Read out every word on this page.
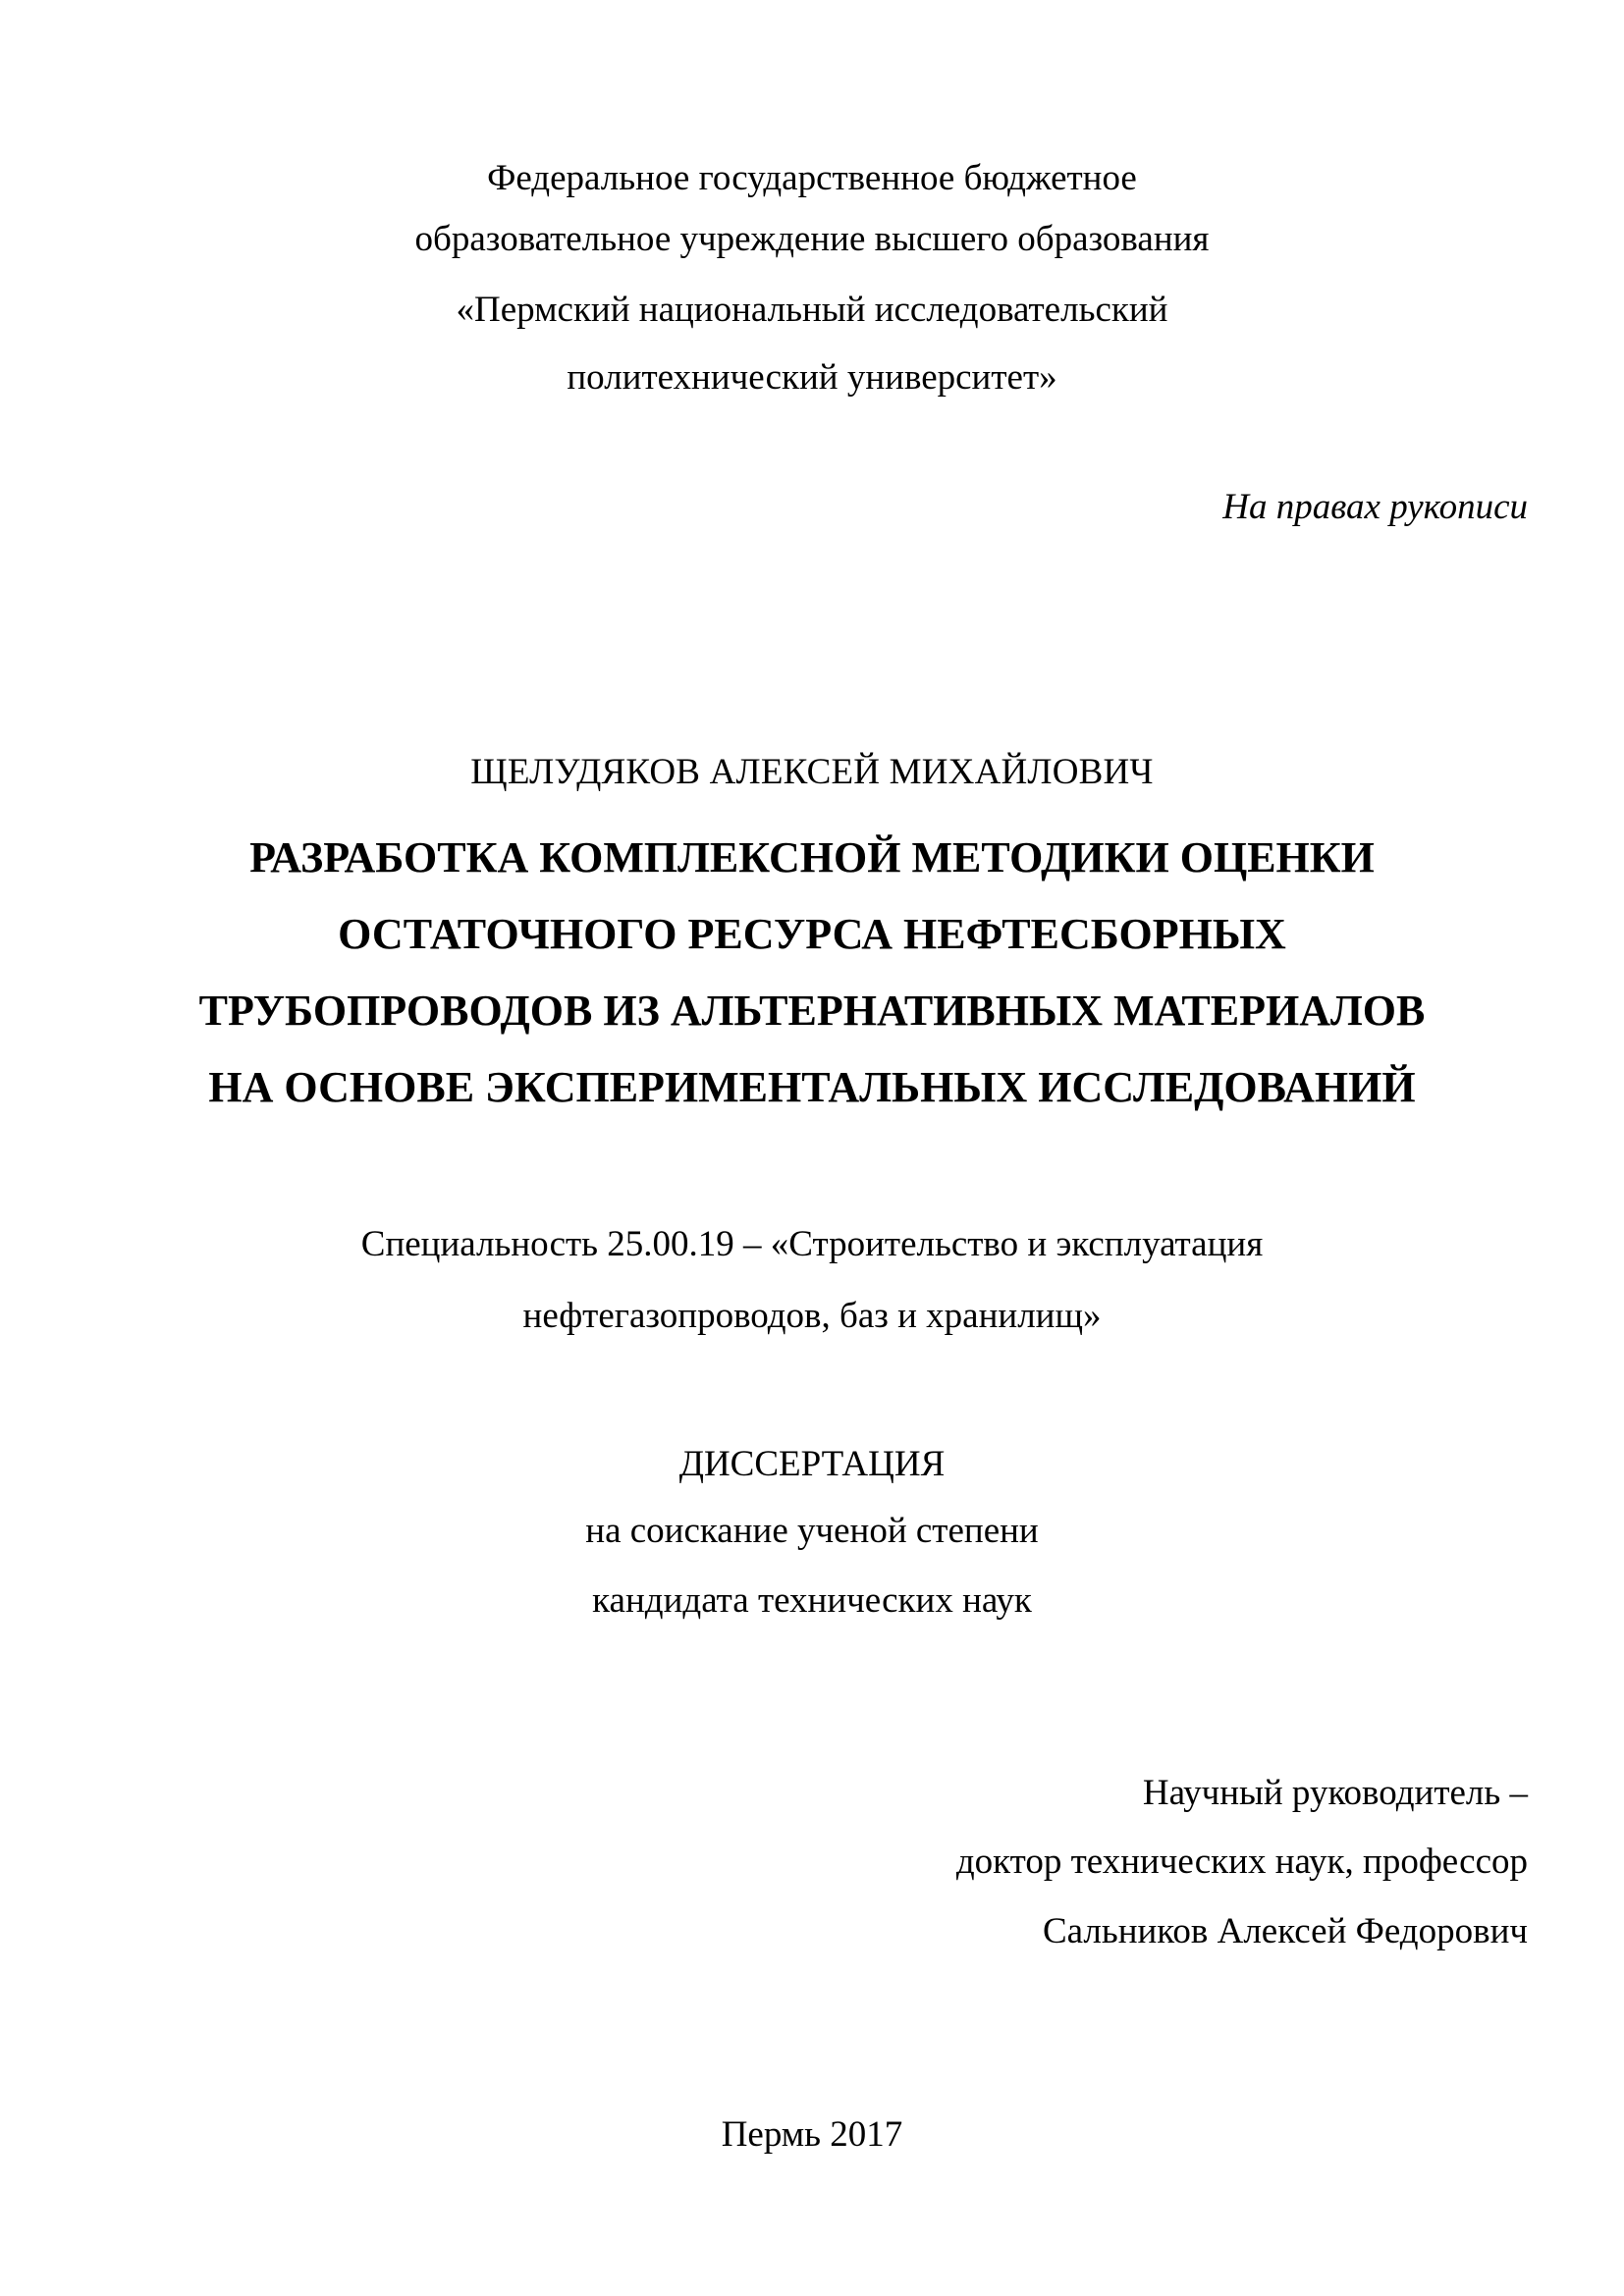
Федеральное государственное бюджетное
образовательное учреждение высшего образования
«Пермский национальный исследовательский
политехнический университет»
На правах рукописи
ЩЕЛУДЯКОВ АЛЕКСЕЙ МИХАЙЛОВИЧ
РАЗРАБОТКА КОМПЛЕКСНОЙ МЕТОДИКИ ОЦЕНКИ
ОСТАТОЧНОГО РЕСУРСА НЕФТЕСБОРНЫХ
ТРУБОПРОВОДОВ ИЗ АЛЬТЕРНАТИВНЫХ МАТЕРИАЛОВ
НА ОСНОВЕ ЭКСПЕРИМЕНТАЛЬНЫХ ИССЛЕДОВАНИЙ
Специальность 25.00.19 – «Строительство и эксплуатация
нефтегазопроводов, баз и хранилищ»
ДИССЕРТАЦИЯ
на соискание ученой степени
кандидата технических наук
Научный руководитель –
доктор технических наук, профессор
Сальников Алексей Федорович
Пермь 2017
